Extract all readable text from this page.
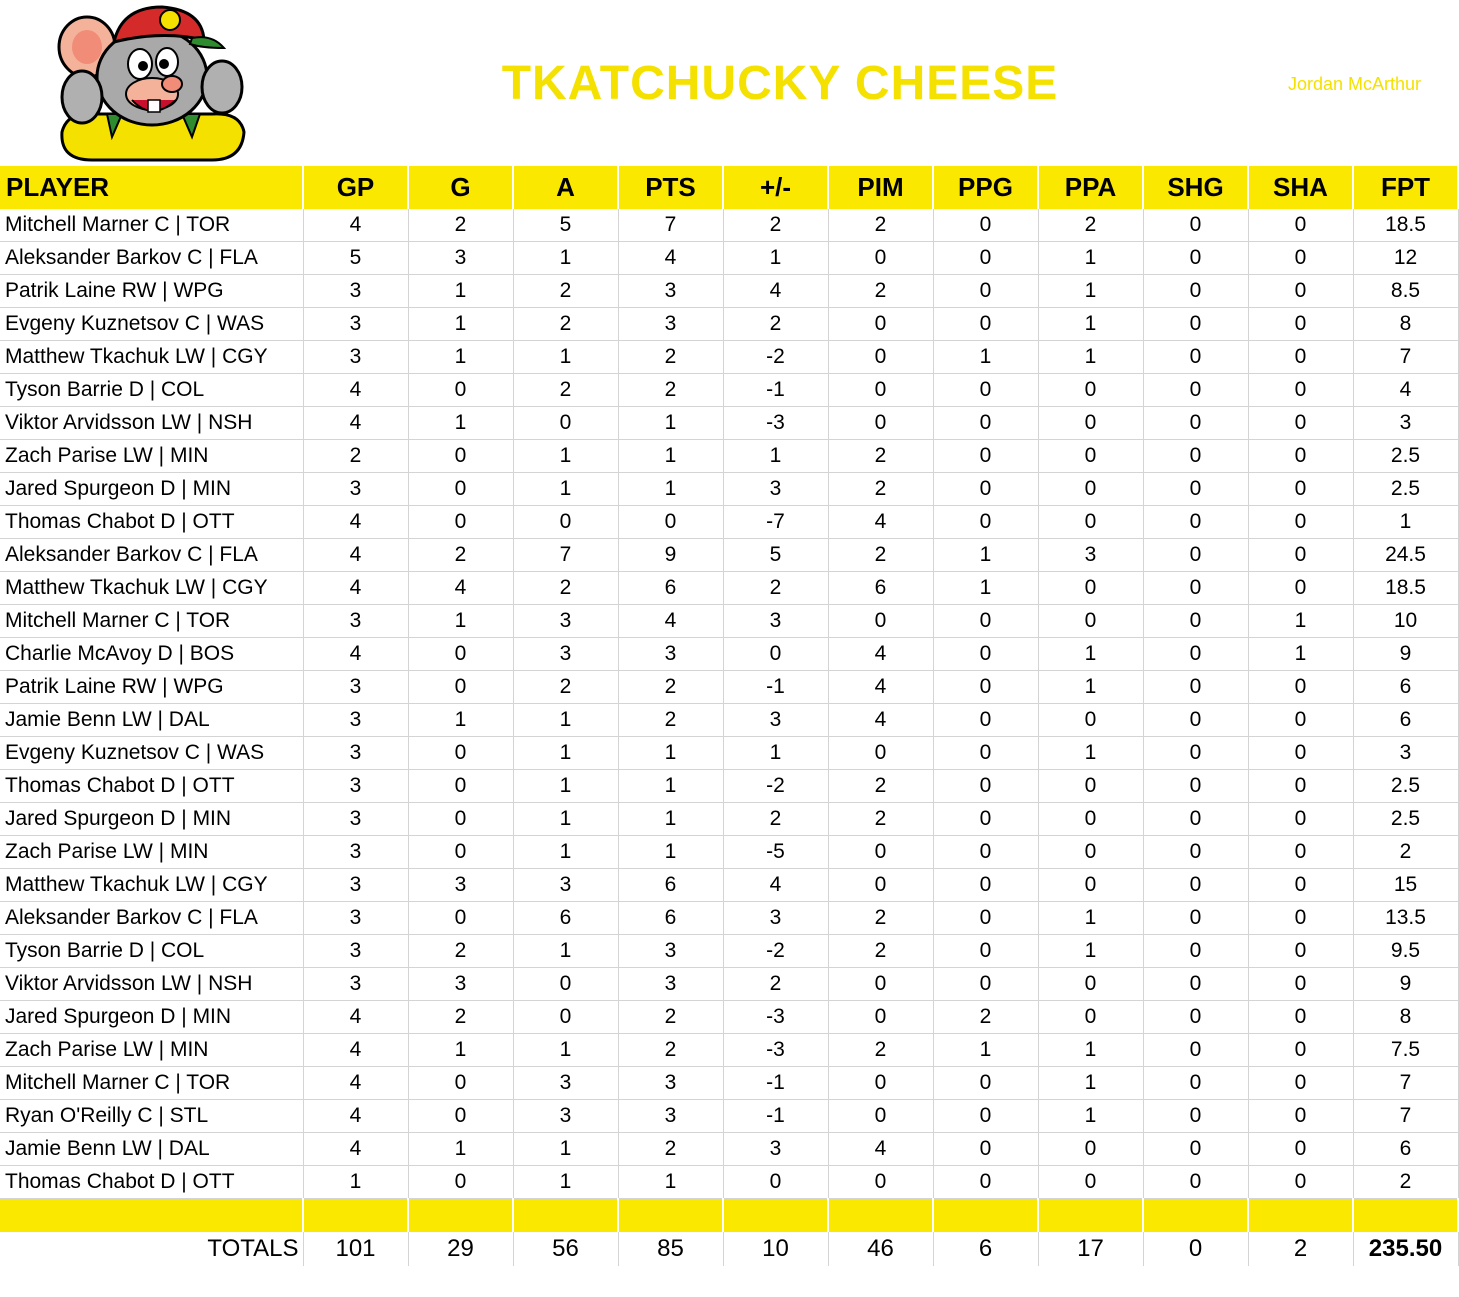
TKATCHUCKY CHEESE	Jordan McArthur
PLAYER	GP	G	A	PTS	+/-	PIM	PPG	PPA	SHG	SHA	FPT
Mitchell Marner C | TOR	4	2	5	7	2	2	0	2	0	0	18.5
Aleksander Barkov C | FLA	5	3	1	4	1	0	0	1	0	0	12
Patrik Laine RW | WPG	3	1	2	3	4	2	0	1	0	0	8.5
Evgeny Kuznetsov C | WAS	3	1	2	3	2	0	0	1	0	0	8
Matthew Tkachuk LW | CGY	3	1	1	2	-2	0	1	1	0	0	7
Tyson Barrie D | COL	4	0	2	2	-1	0	0	0	0	0	4
Viktor Arvidsson LW | NSH	4	1	0	1	-3	0	0	0	0	0	3
Zach Parise LW | MIN	2	0	1	1	1	2	0	0	0	0	2.5
Jared Spurgeon D | MIN	3	0	1	1	3	2	0	0	0	0	2.5
Thomas Chabot D | OTT	4	0	0	0	-7	4	0	0	0	0	1
Aleksander Barkov C | FLA	4	2	7	9	5	2	1	3	0	0	24.5
Matthew Tkachuk LW | CGY	4	4	2	6	2	6	1	0	0	0	18.5
Mitchell Marner C | TOR	3	1	3	4	3	0	0	0	0	1	10
Charlie McAvoy D | BOS	4	0	3	3	0	4	0	1	0	1	9
Patrik Laine RW | WPG	3	0	2	2	-1	4	0	1	0	0	6
Jamie Benn LW | DAL	3	1	1	2	3	4	0	0	0	0	6
Evgeny Kuznetsov C | WAS	3	0	1	1	1	0	0	1	0	0	3
Thomas Chabot D | OTT	3	0	1	1	-2	2	0	0	0	0	2.5
Jared Spurgeon D | MIN	3	0	1	1	2	2	0	0	0	0	2.5
Zach Parise LW | MIN	3	0	1	1	-5	0	0	0	0	0	2
Matthew Tkachuk LW | CGY	3	3	3	6	4	0	0	0	0	0	15
Aleksander Barkov C | FLA	3	0	6	6	3	2	0	1	0	0	13.5
Tyson Barrie D | COL	3	2	1	3	-2	2	0	1	0	0	9.5
Viktor Arvidsson LW | NSH	3	3	0	3	2	0	0	0	0	0	9
Jared Spurgeon D | MIN	4	2	0	2	-3	0	2	0	0	0	8
Zach Parise LW | MIN	4	1	1	2	-3	2	1	1	0	0	7.5
Mitchell Marner C | TOR	4	0	3	3	-1	0	0	1	0	0	7
Ryan O'Reilly C | STL	4	0	3	3	-1	0	0	1	0	0	7
Jamie Benn LW | DAL	4	1	1	2	3	4	0	0	0	0	6
Thomas Chabot D | OTT	1	0	1	1	0	0	0	0	0	0	2

TOTALS	101	29	56	85	10	46	6	17	0	2	235.50
